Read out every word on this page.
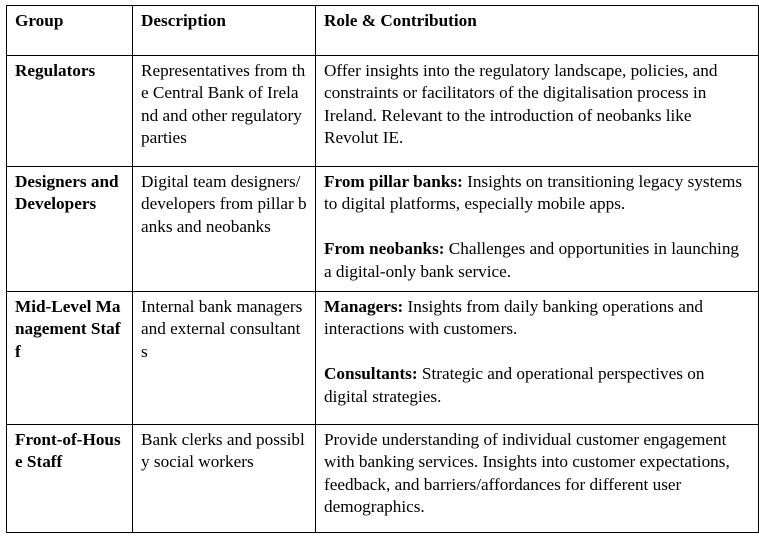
Group	Description	Role & Contribution
Regulators	Representatives from the Central Bank of Ireland and other regulatory parties	Offer insights into the regulatory landscape, policies, and constraints or facilitators of the digitalisation process in Ireland. Relevant to the introduction of neobanks like Revolut IE.
Designers and Developers	Digital team designers/developers from pillar banks and neobanks	From pillar banks: Insights on transitioning legacy systems to digital platforms, especially mobile apps.
From neobanks: Challenges and opportunities in launching a digital-only bank service.

Mid-Level Management Staff	Internal bank managers and external consultants	Managers: Insights from daily banking operations and interactions with customers.
Consultants: Strategic and operational perspectives on digital strategies.

Front-of-House Staff	Bank clerks and possibly social workers	Provide understanding of individual customer engagement with banking services. Insights into customer expectations, feedback, and barriers/affordances for different user demographics.
